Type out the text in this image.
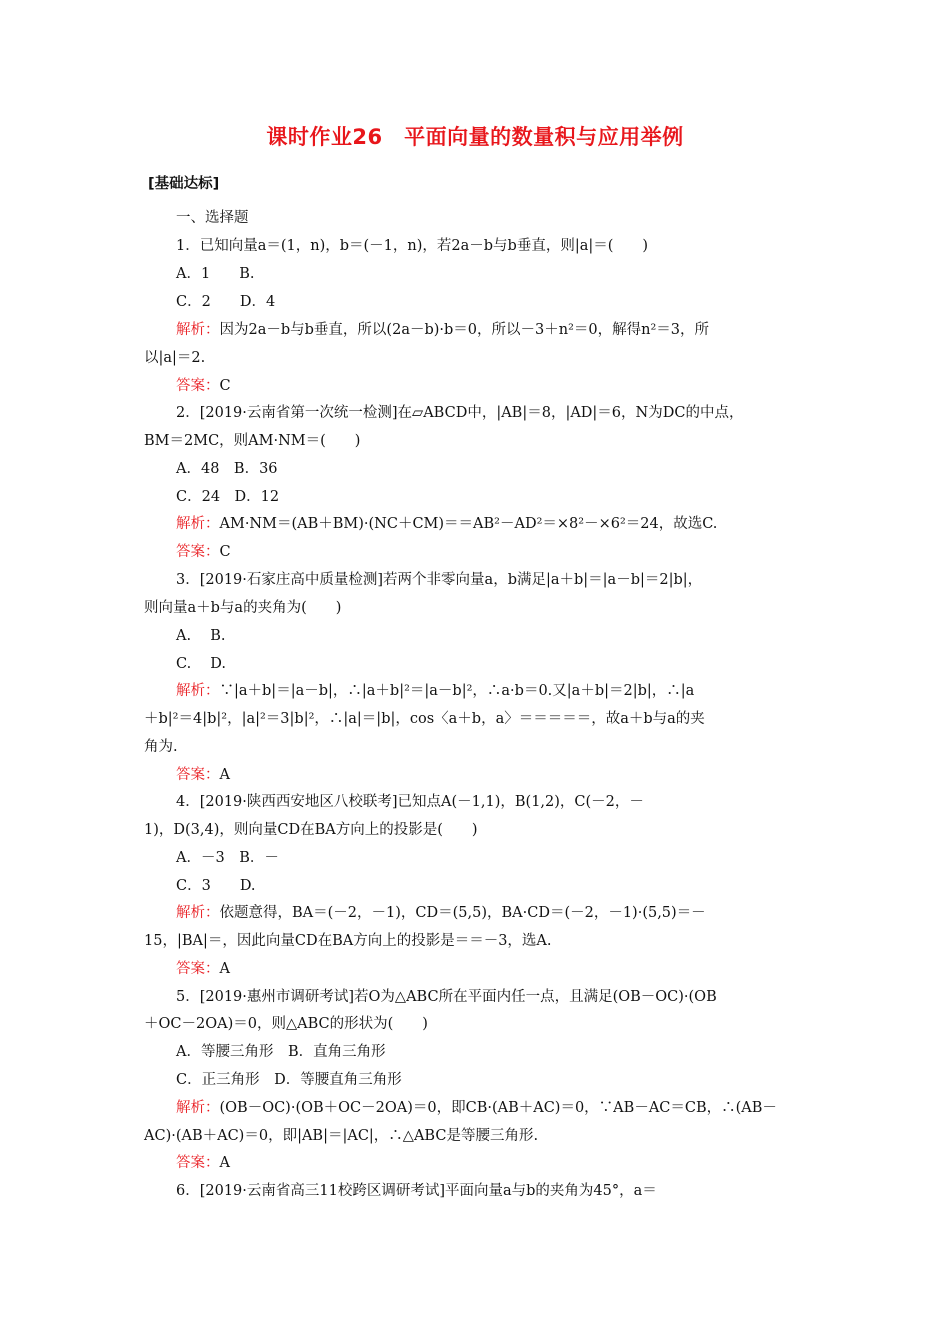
课时作业26　平面向量的数量积与应用举例
[基础达标]
一、选择题
1．已知向量a＝(1，n)，b＝(－1，n)，若2a－b与b垂直，则|a|＝(　　)
A．1　　B.
C．2　　D．4
解析：因为2a－b与b垂直，所以(2a－b)·b＝0，所以－3＋n²＝0，解得n²＝3，所
以|a|＝2.
答案：C
2．[2019·云南省第一次统一检测]在▱ABCD中，|AB|＝8，|AD|＝6，N为DC的中点，
BM＝2MC，则AM·NM＝(　　)
A．48　B．36
C．24　D．12
解析：AM·NM＝(AB＋BM)·(NC＋CM)＝＝AB²－AD²＝×8²－×6²＝24，故选C.
答案：C
3．[2019·石家庄高中质量检测]若两个非零向量a，b满足|a＋b|＝|a－b|＝2|b|，
则向量a＋b与a的夹角为(　　)
A.　 B.
C.　 D.
解析：∵|a＋b|＝|a－b|，∴|a＋b|²＝|a－b|²，∴a·b＝0.又|a＋b|＝2|b|，∴|a
＋b|²＝4|b|²，|a|²＝3|b|²，∴|a|＝|b|，cos〈a＋b，a〉＝＝＝＝＝，故a＋b与a的夹
角为.
答案：A
4．[2019·陕西西安地区八校联考]已知点A(－1,1)，B(1,2)，C(－2，－
1)，D(3,4)，则向量CD在BA方向上的投影是(　　)
A．－3　B．－
C．3　　D.
解析：依题意得，BA＝(－2，－1)，CD＝(5,5)，BA·CD＝(－2，－1)·(5,5)＝－
15，|BA|＝，因此向量CD在BA方向上的投影是＝＝－3，选A.
答案：A
5．[2019·惠州市调研考试]若O为△ABC所在平面内任一点，且满足(OB－OC)·(OB
＋OC－2OA)＝0，则△ABC的形状为(　　)
A．等腰三角形　B．直角三角形
C．正三角形　D．等腰直角三角形
解析：(OB－OC)·(OB＋OC－2OA)＝0，即CB·(AB＋AC)＝0，∵AB－AC＝CB，∴(AB－
AC)·(AB＋AC)＝0，即|AB|＝|AC|，∴△ABC是等腰三角形.
答案：A
6．[2019·云南省高三11校跨区调研考试]平面向量a与b的夹角为45°，a＝
